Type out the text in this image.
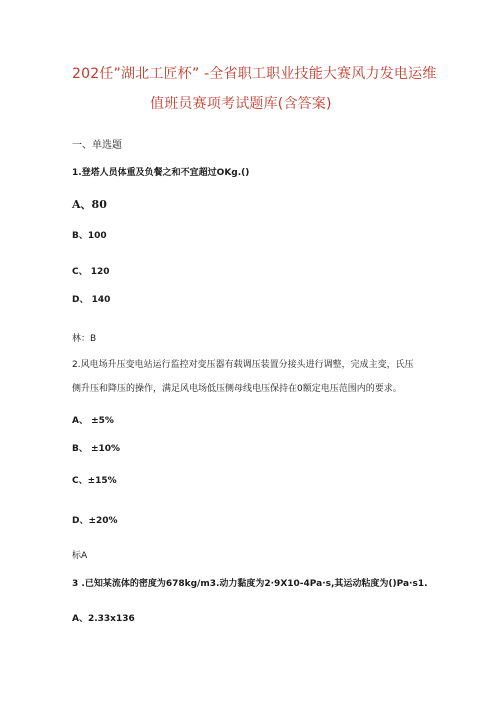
202任”湖北工匠杯” -全省职工职业技能大赛风力发电运维
值班员赛项考试题库(含答案)
一、单选题
1.登塔人员体重及负餐之和不宜超过OKg.()
A、80
B、100
C、 120
D、 140
林：B
2.风电场升压变电站运行监控对变压器有载调压装置分接头进行调整，完成主变，氏压
侧升压和降压的操作，满足风电场低压侧母线电压保持在0额定电压范围内的要求。
A、 ±5%
B、 ±10%
C、±15%
D、±20%
标A
3 .已知某流体的密度为678kg/m3.动力黏度为2·9X10-4Pa·s,其运动粘度为()Pa·s1.
A、2.33x136
